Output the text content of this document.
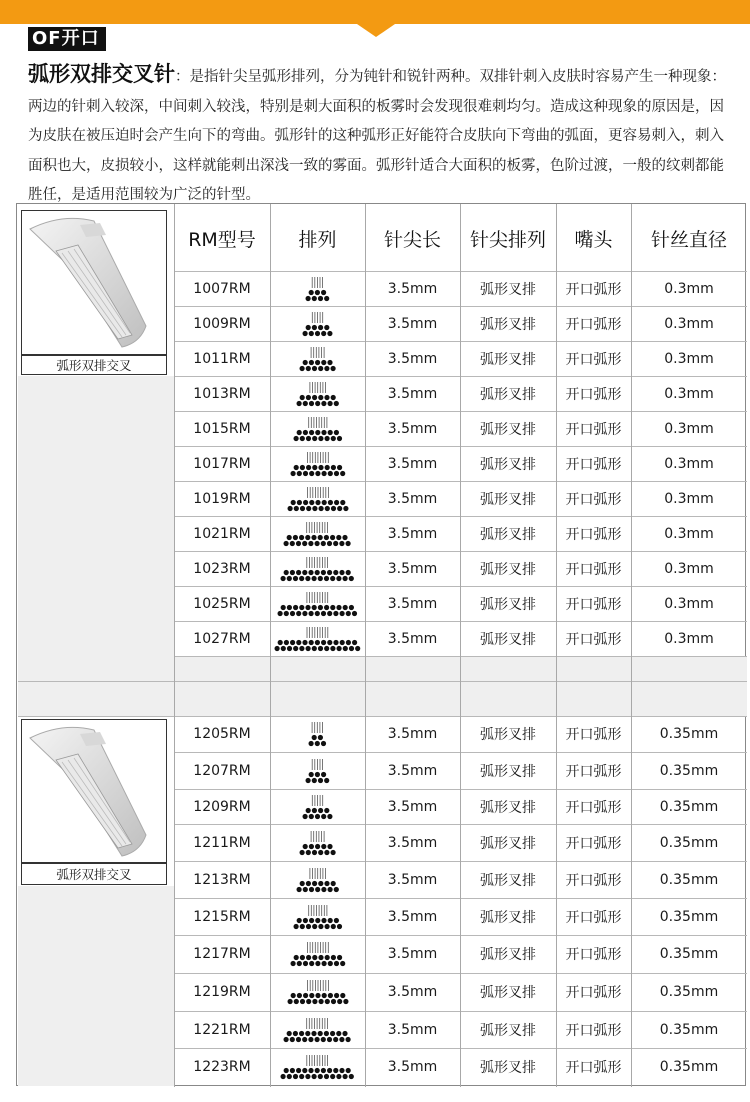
OF开口
弧形双排交叉针：是指针尖呈弧形排列，分为钝针和锐针两种。双排针刺入皮肤时容易产生一种现象：两边的针刺入较深，中间刺入较浅，特别是刺大面积的板雾时会发现很难刺均匀。造成这种现象的原因是，因为皮肤在被压迫时会产生向下的弯曲。弧形针的这种弧形正好能符合皮肤向下弯曲的弧面，更容易刺入，刺入面积也大，皮损较小，这样就能刺出深浅一致的雾面。弧形针适合大面积的板雾，色阶过渡，一般的纹刺都能胜任，是适用范围较为广泛的针型。
RM型号	排列	针尖长	针尖排列	嘴头	针丝直径
1007RM	3.5mm	弧形叉排	开口弧形	0.3mm
1009RM	3.5mm	弧形叉排	开口弧形	0.3mm
1011RM	3.5mm	弧形叉排	开口弧形	0.3mm
1013RM	3.5mm	弧形叉排	开口弧形	0.3mm
1015RM	3.5mm	弧形叉排	开口弧形	0.3mm
1017RM	3.5mm	弧形叉排	开口弧形	0.3mm
1019RM	3.5mm	弧形叉排	开口弧形	0.3mm
1021RM	3.5mm	弧形叉排	开口弧形	0.3mm
1023RM	3.5mm	弧形叉排	开口弧形	0.3mm
1025RM	3.5mm	弧形叉排	开口弧形	0.3mm
1027RM	3.5mm	弧形叉排	开口弧形	0.3mm
1205RM	3.5mm	弧形叉排	开口弧形	0.35mm
1207RM	3.5mm	弧形叉排	开口弧形	0.35mm
1209RM	3.5mm	弧形叉排	开口弧形	0.35mm
1211RM	3.5mm	弧形叉排	开口弧形	0.35mm
1213RM	3.5mm	弧形叉排	开口弧形	0.35mm
1215RM	3.5mm	弧形叉排	开口弧形	0.35mm
1217RM	3.5mm	弧形叉排	开口弧形	0.35mm
1219RM	3.5mm	弧形叉排	开口弧形	0.35mm
1221RM	3.5mm	弧形叉排	开口弧形	0.35mm
1223RM	3.5mm	弧形叉排	开口弧形	0.35mm
弧形双排交叉
弧形双排交叉
